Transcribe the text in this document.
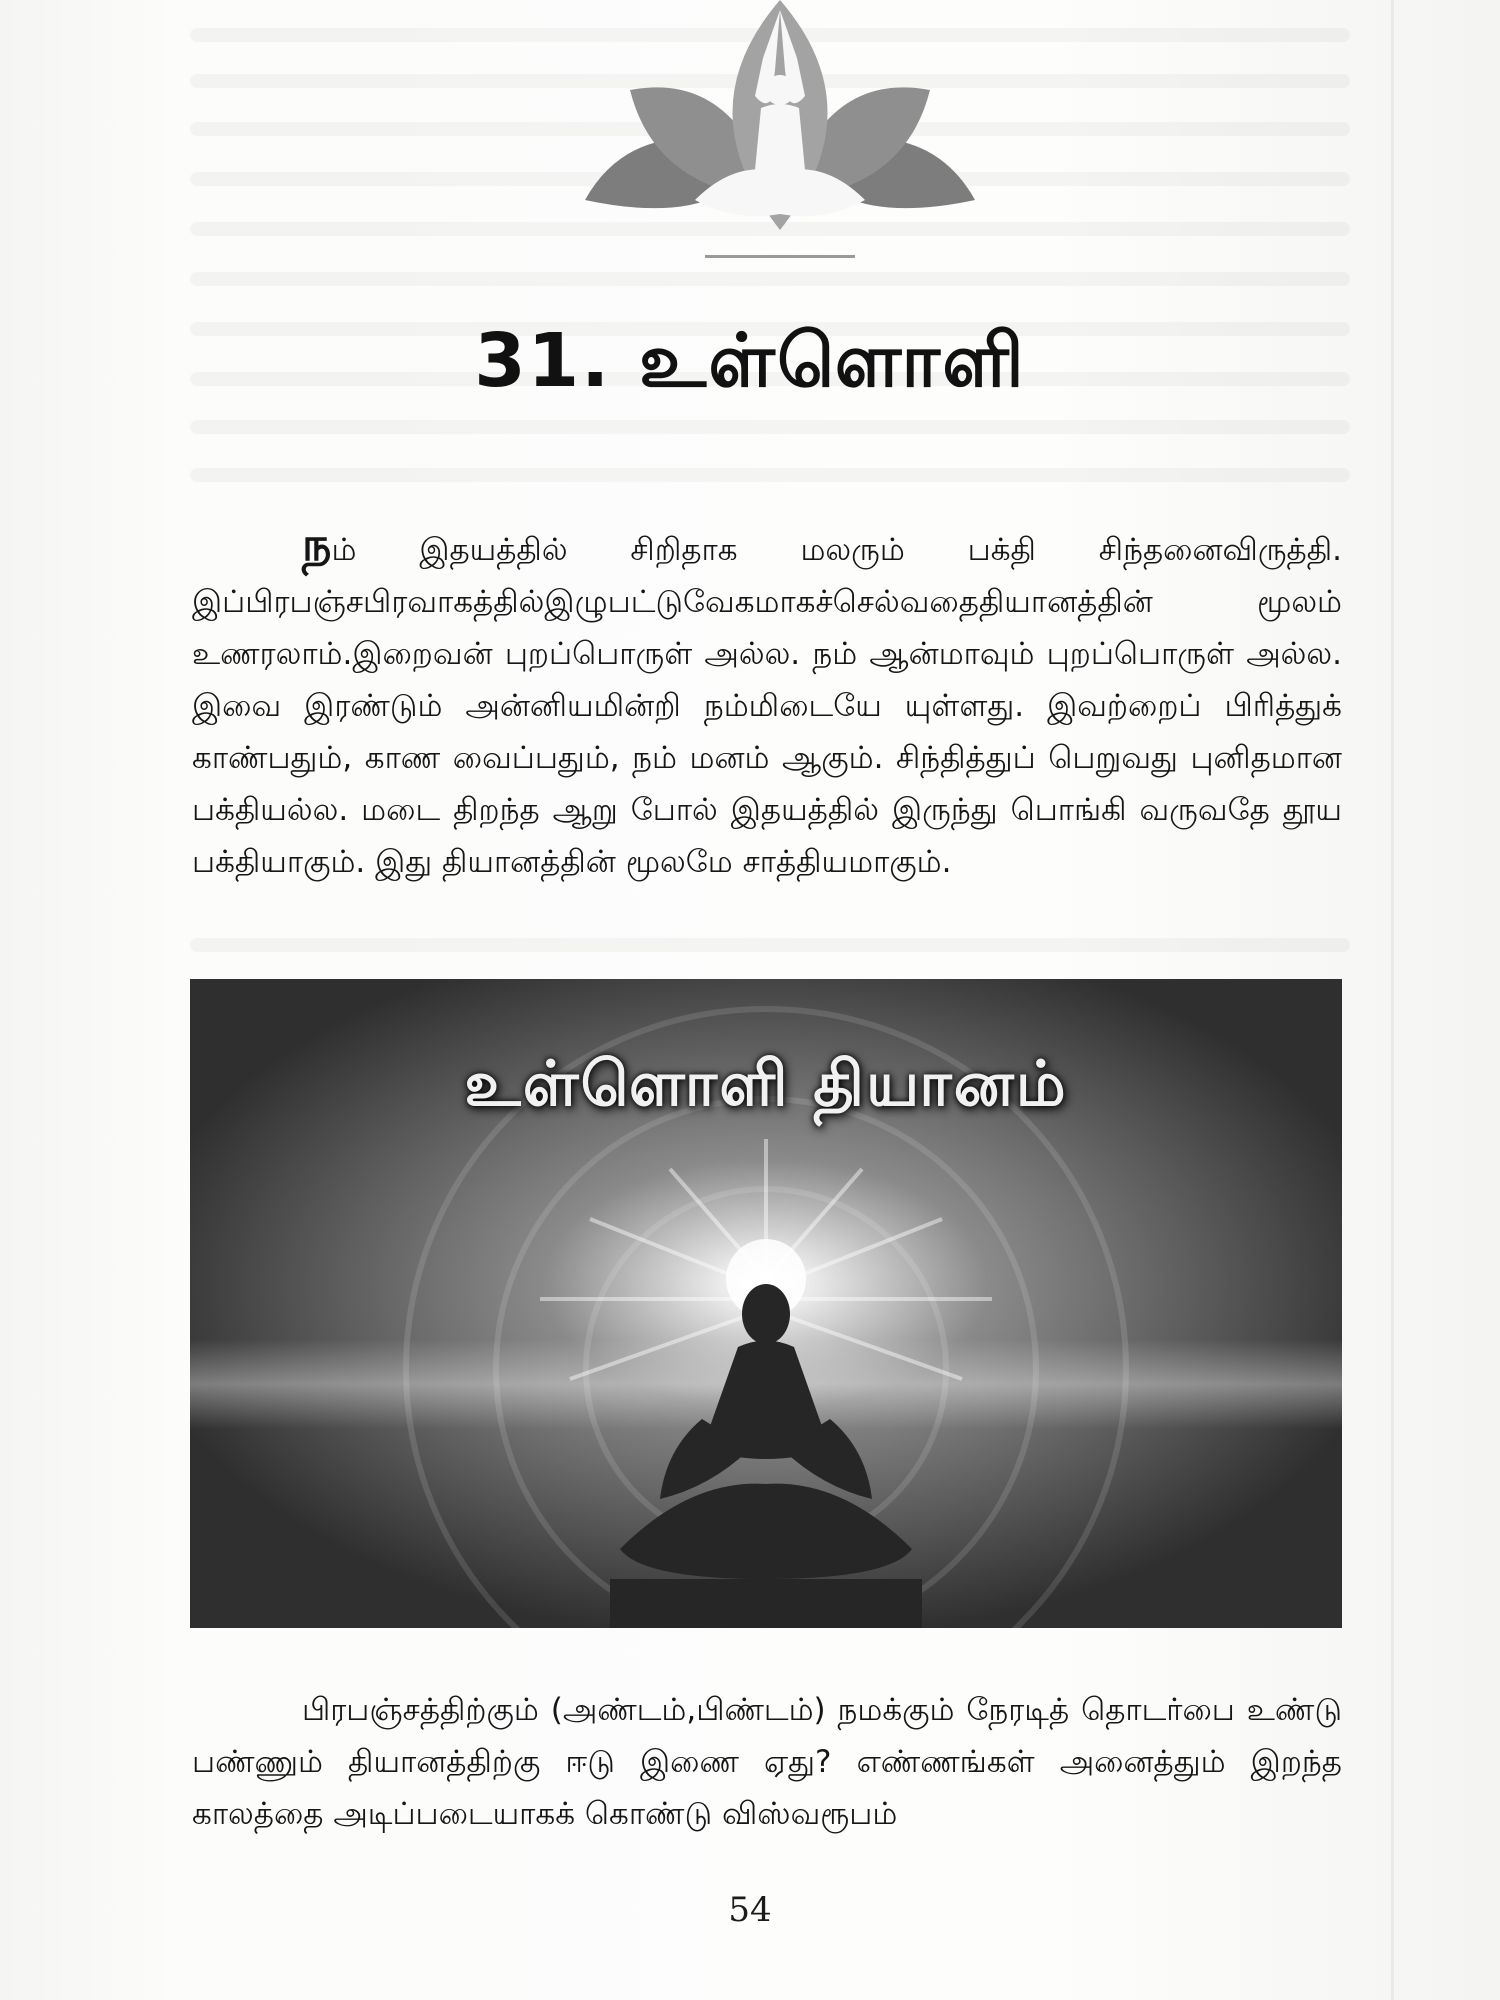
31. உள்ளொளி
நம் இதயத்தில் சிறிதாக மலரும் பக்தி சிந்தனைவிருத்தி. இப்பிரபஞ்சபிரவாகத்தில்இழுபட்டுவேகமாகச்செல்வதைதியானத்தின் மூலம் உணரலாம்.இறைவன் புறப்பொருள் அல்ல. நம் ஆன்மாவும் புறப்பொருள் அல்ல. இவை இரண்டும் அன்னியமின்றி நம்மிடையே யுள்ளது. இவற்றைப் பிரித்துக் காண்பதும், காண வைப்பதும், நம் மனம் ஆகும். சிந்தித்துப் பெறுவது புனிதமான பக்தியல்ல. மடை திறந்த ஆறு போல் இதயத்தில் இருந்து பொங்கி வருவதே தூய பக்தியாகும். இது தியானத்தின் மூலமே சாத்தியமாகும்.
உள்ளொளி தியானம்
பிரபஞ்சத்திற்கும் (அண்டம்,பிண்டம்) நமக்கும் நேரடித் தொடர்பை உண்டு பண்ணும் தியானத்திற்கு ஈடு இணை ஏது? எண்ணங்கள் அனைத்தும் இறந்த காலத்தை அடிப்படையாகக் கொண்டு விஸ்வரூபம்
54
